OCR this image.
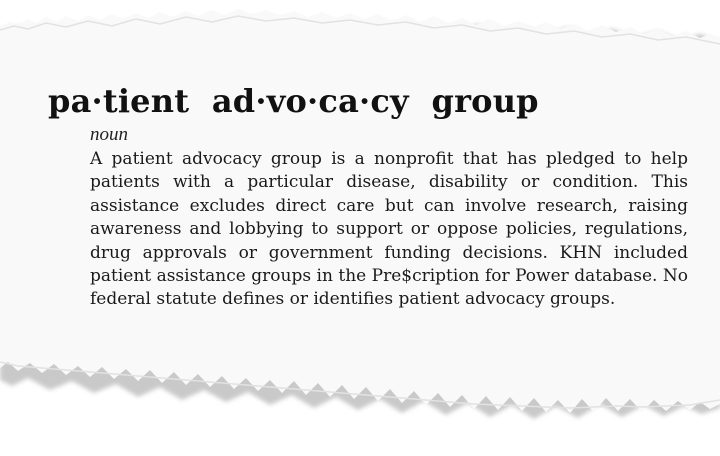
pa·tient  ad·vo·ca·cy  group
noun
A patient advocacy group is a nonprofit that has pledged to help patients with a particular disease, disability or condition. This assistance excludes direct care but can involve research, raising awareness and lobbying to support or oppose policies, regulations, drug approvals or government funding decisions. KHN included patient assistance groups in the Pre$cription for Power database. No federal statute defines or identifies patient advocacy groups.
